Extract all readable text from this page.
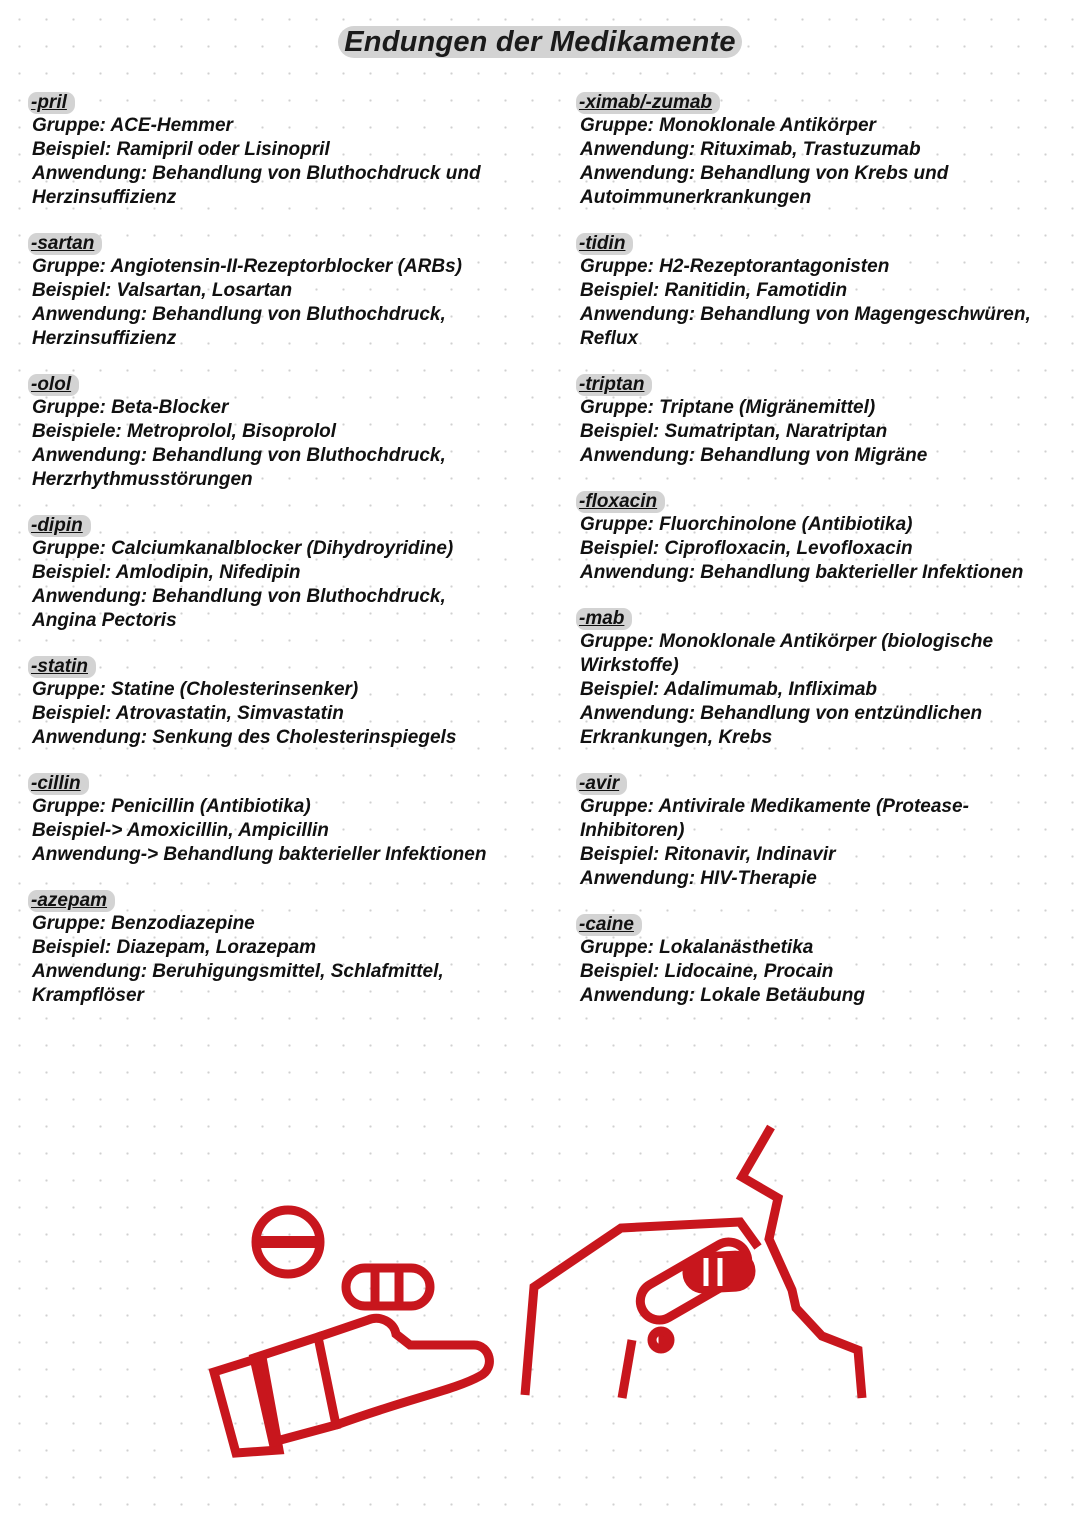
Endungen der Medikamente
-pril
Gruppe: ACE-Hemmer
Beispiel: Ramipril oder Lisinopril
Anwendung: Behandlung von Bluthochdruck und
Herzinsuffizienz
-sartan
Gruppe: Angiotensin-II-Rezeptorblocker (ARBs)
Beispiel: Valsartan, Losartan
Anwendung: Behandlung von Bluthochdruck,
Herzinsuffizienz
-olol
Gruppe: Beta-Blocker
Beispiele: Metroprolol, Bisoprolol
Anwendung: Behandlung von Bluthochdruck,
Herzrhythmusstörungen
-dipin
Gruppe: Calciumkanalblocker (Dihydroyridine)
Beispiel: Amlodipin, Nifedipin
Anwendung: Behandlung von Bluthochdruck,
Angina Pectoris
-statin
Gruppe: Statine (Cholesterinsenker)
Beispiel: Atrovastatin, Simvastatin
Anwendung: Senkung des Cholesterinspiegels
-cillin
Gruppe: Penicillin (Antibiotika)
Beispiel-> Amoxicillin, Ampicillin
Anwendung-> Behandlung bakterieller Infektionen
-azepam
Gruppe: Benzodiazepine
Beispiel: Diazepam, Lorazepam
Anwendung: Beruhigungsmittel, Schlafmittel,
Krampflöser
-ximab/-zumab
Gruppe: Monoklonale Antikörper
Anwendung: Rituximab, Trastuzumab
Anwendung: Behandlung von Krebs und
Autoimmunerkrankungen
-tidin
Gruppe: H2-Rezeptorantagonisten
Beispiel: Ranitidin, Famotidin
Anwendung: Behandlung von Magengeschwüren,
Reflux
-triptan
Gruppe: Triptane (Migränemittel)
Beispiel: Sumatriptan, Naratriptan
Anwendung: Behandlung von Migräne
-floxacin
Gruppe: Fluorchinolone (Antibiotika)
Beispiel: Ciprofloxacin, Levofloxacin
Anwendung: Behandlung bakterieller Infektionen
-mab
Gruppe: Monoklonale Antikörper (biologische
Wirkstoffe)
Beispiel: Adalimumab, Infliximab
Anwendung: Behandlung von entzündlichen
Erkrankungen, Krebs
-avir
Gruppe: Antivirale Medikamente (Protease-
Inhibitoren)
Beispiel: Ritonavir, Indinavir
Anwendung: HIV-Therapie
-caine
Gruppe: Lokalanästhetika
Beispiel: Lidocaine, Procain
Anwendung: Lokale Betäubung
